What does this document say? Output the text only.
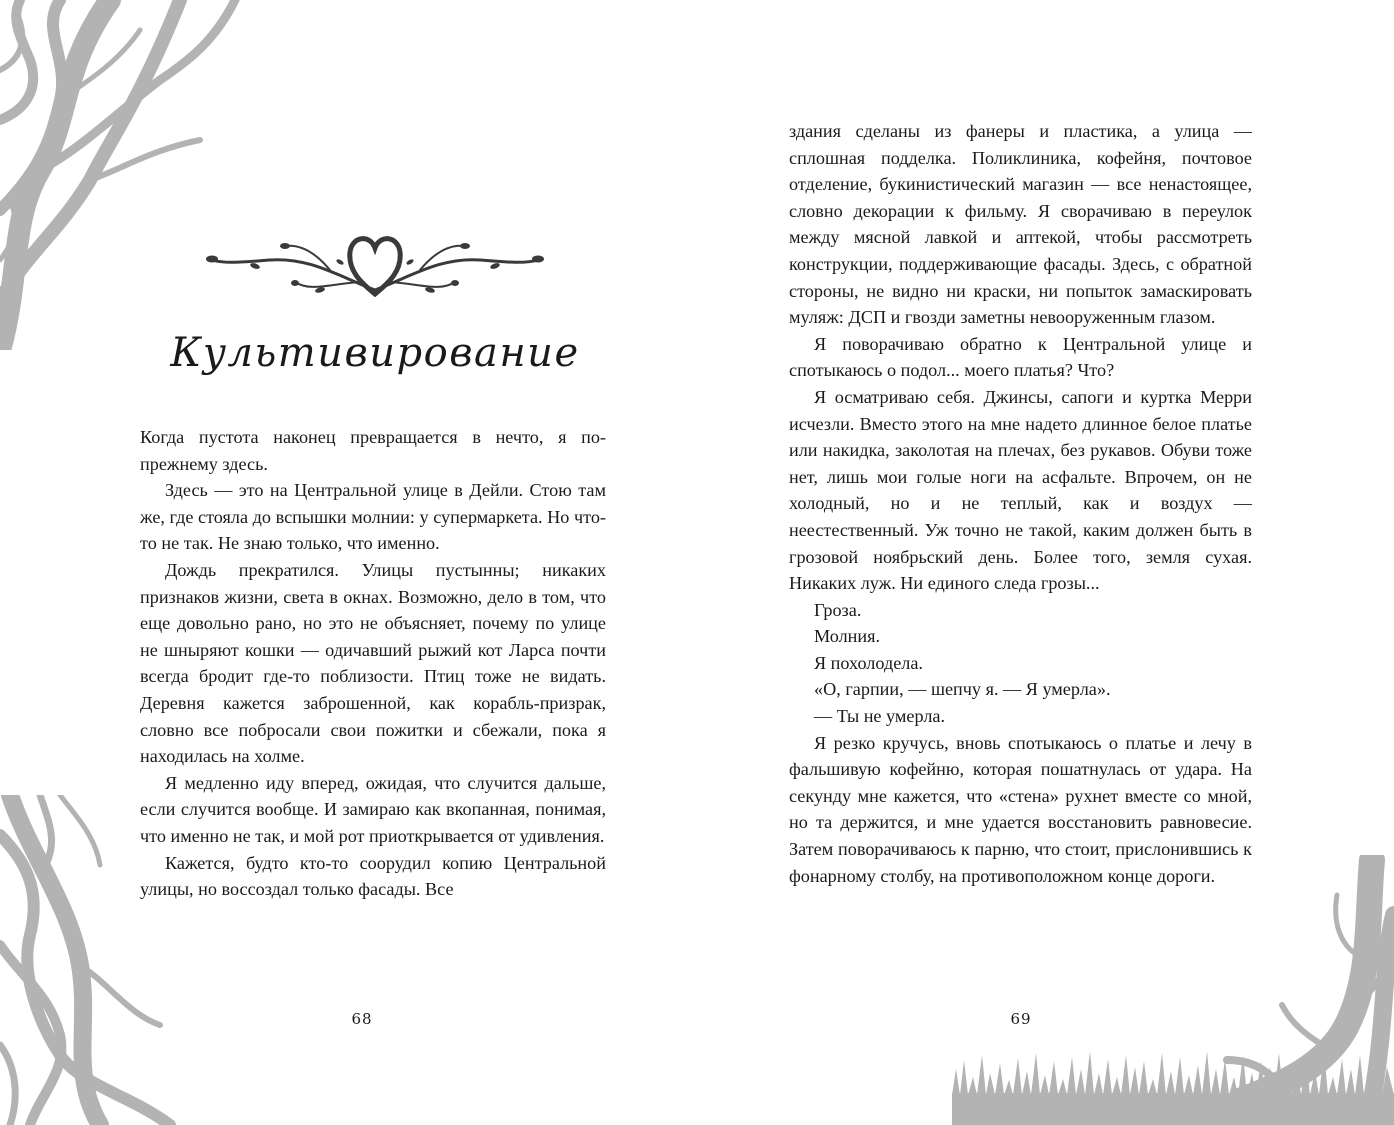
Культивирование

Когда пустота наконец превращается в нечто, я по-прежнему здесь.

Здесь — это на Центральной улице в Дейли. Стою там же, где стояла до вспышки молнии: у супермаркета. Но что-то не так. Не знаю только, что именно.

Дождь прекратился. Улицы пустынны; никаких признаков жизни, света в окнах. Возможно, дело в том, что еще довольно рано, но это не объясняет, почему по улице не шныряют кошки — одичавший рыжий кот Ларса почти всегда бродит где-то поблизости. Птиц тоже не видать. Деревня кажется заброшенной, как корабль-призрак, словно все побросали свои пожитки и сбежали, пока я находилась на холме.

Я медленно иду вперед, ожидая, что случится дальше, если случится вообще. И замираю как вкопанная, понимая, что именно не так, и мой рот приоткрывается от удивления.

Кажется, будто кто-то соорудил копию Центральной улицы, но воссоздал только фасады. Все

68

здания сделаны из фанеры и пластика, а улица — сплошная подделка. Поликлиника, кофейня, почтовое отделение, букинистический магазин — все ненастоящее, словно декорации к фильму. Я сворачиваю в переулок между мясной лавкой и аптекой, чтобы рассмотреть конструкции, поддерживающие фасады. Здесь, с обратной стороны, не видно ни краски, ни попыток замаскировать муляж: ДСП и гвозди заметны невооруженным глазом.

Я поворачиваю обратно к Центральной улице и спотыкаюсь о подол... моего платья? Что?

Я осматриваю себя. Джинсы, сапоги и куртка Мерри исчезли. Вместо этого на мне надето длинное белое платье или накидка, заколотая на плечах, без рукавов. Обуви тоже нет, лишь мои голые ноги на асфальте. Впрочем, он не холодный, но и не теплый, как и воздух — неестественный. Уж точно не такой, каким должен быть в грозовой ноябрьский день. Более того, земля сухая. Никаких луж. Ни единого следа грозы...

Гроза.

Молния.

Я похолодела.

«О, гарпии, — шепчу я. — Я умерла».

— Ты не умерла.

Я резко кручусь, вновь спотыкаюсь о платье и лечу в фальшивую кофейню, которая пошатнулась от удара. На секунду мне кажется, что «стена» рухнет вместе со мной, но та держится, и мне удается восстановить равновесие. Затем поворачиваюсь к парню, что стоит, прислонившись к фонарному столбу, на противоположном конце дороги.

69
